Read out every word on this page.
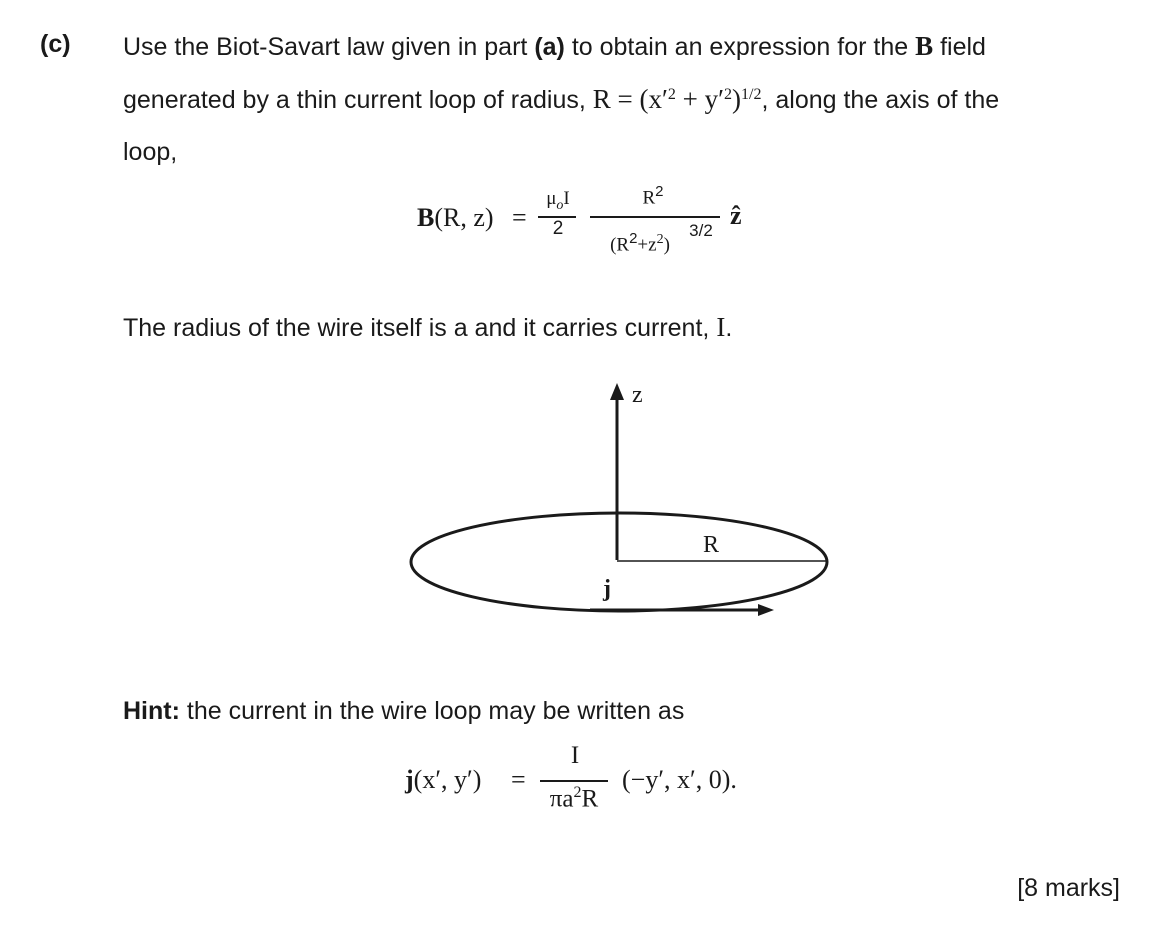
(c) Use the Biot-Savart law given in part (a) to obtain an expression for the B field
generated by a thin current loop of radius, $R = (x'^2 + y'^2)^{1/2}$, along the axis of the
loop,
B(R, z) =
$\mu_oI$
2
$R^2$
$(R^2+z^2)$
3/2
ẑ
The radius of the wire itself is a and it carries current, I.
z
R
j
Hint: the current in the wire loop may be written as
j(x′, y′) =
I
$\pi a^2R$
(−y′, x′, 0).
[8 marks]
